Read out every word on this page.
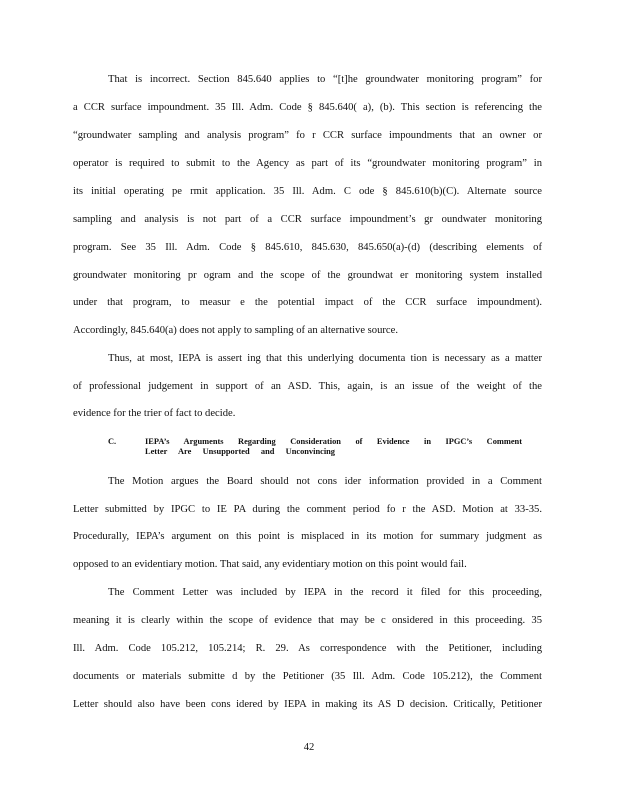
That is incorrect. Section 845.640 applies to “[t]he groundwater monitoring program” for
a CCR surface impoundment. 35 Ill. Adm. Code § 845.640( a), (b). This section is referencing the
“groundwater sampling and analysis program” fo r CCR surface impoundments that an owner or
operator is required to submit to the Agency as part of its “groundwater monitoring program” in
its initial operating pe rmit application. 35 Ill. Adm. C ode § 845.610(b)(C). Alternate source
sampling and analysis is not part of a CCR surface impoundment’s gr oundwater monitoring
program. See 35 Ill. Adm. Code § 845.610, 845.630, 845.650(a)-(d) (describing elements of
groundwater monitoring pr ogram and the scope of the groundwat er monitoring system installed
under that program, to measur e the potential impact of the CCR surface impoundment).
Accordingly, 845.640(a) does not apply to sampling of an alternative source.
Thus, at most, IEPA is assert ing that this underlying documenta tion is necessary as a matter
of professional judgement in support of an ASD. This, again, is an issue of the weight of the
evidence for the trier of fact to decide.
C.	IEPA’s Arguments Regarding Consideration of Evidence in IPGC’s Comment
Letter Are Unsupported and Unconvincing
The Motion argues the Board should not cons ider information provided in a Comment
Letter submitted by IPGC to IE PA during the comment period fo r the ASD. Motion at 33-35.
Procedurally, IEPA’s argument on this point is misplaced in its motion for summary judgment as
opposed to an evidentiary motion. That said, any evidentiary motion on this point would fail.
The Comment Letter was included by IEPA in the record it filed for this proceeding,
meaning it is clearly within the scope of evidence that may be c onsidered in this proceeding. 35
Ill. Adm. Code 105.212, 105.214; R. 29. As correspondence with the Petitioner, including
documents or materials submitte d by the Petitioner (35 Ill. Adm. Code 105.212), the Comment
Letter should also have been cons idered by IEPA in making its AS D decision. Critically, Petitioner
42
